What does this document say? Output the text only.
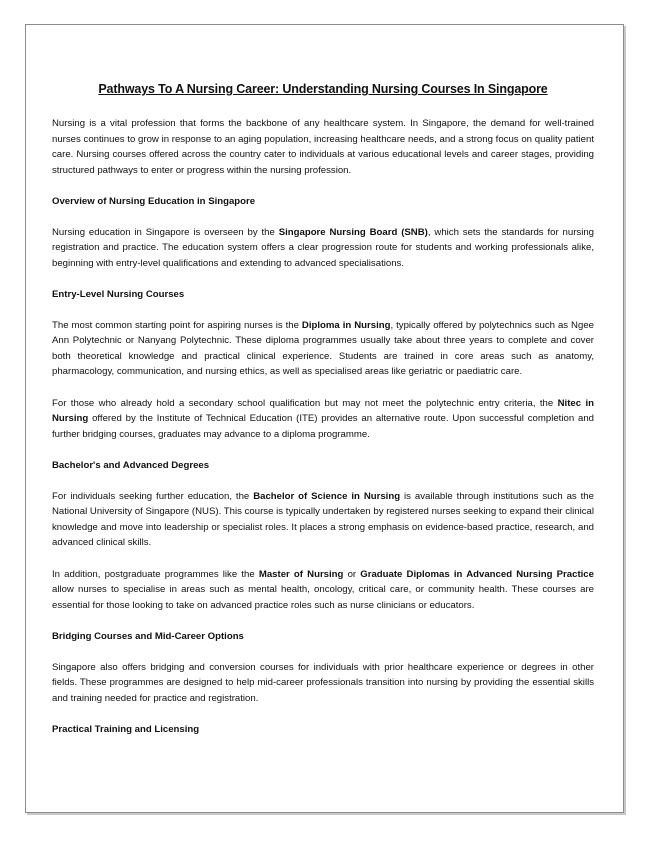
Pathways To A Nursing Career: Understanding Nursing Courses In Singapore

Nursing is a vital profession that forms the backbone of any healthcare system. In Singapore, the demand for well-trained nurses continues to grow in response to an aging population, increasing healthcare needs, and a strong focus on quality patient care. Nursing courses offered across the country cater to individuals at various educational levels and career stages, providing structured pathways to enter or progress within the nursing profession.

Overview of Nursing Education in Singapore

Nursing education in Singapore is overseen by the Singapore Nursing Board (SNB), which sets the standards for nursing registration and practice. The education system offers a clear progression route for students and working professionals alike, beginning with entry-level qualifications and extending to advanced specialisations.

Entry-Level Nursing Courses

The most common starting point for aspiring nurses is the Diploma in Nursing, typically offered by polytechnics such as Ngee Ann Polytechnic or Nanyang Polytechnic. These diploma programmes usually take about three years to complete and cover both theoretical knowledge and practical clinical experience. Students are trained in core areas such as anatomy, pharmacology, communication, and nursing ethics, as well as specialised areas like geriatric or paediatric care.

For those who already hold a secondary school qualification but may not meet the polytechnic entry criteria, the Nitec in Nursing offered by the Institute of Technical Education (ITE) provides an alternative route. Upon successful completion and further bridging courses, graduates may advance to a diploma programme.

Bachelor's and Advanced Degrees

For individuals seeking further education, the Bachelor of Science in Nursing is available through institutions such as the National University of Singapore (NUS). This course is typically undertaken by registered nurses seeking to expand their clinical knowledge and move into leadership or specialist roles. It places a strong emphasis on evidence-based practice, research, and advanced clinical skills.

In addition, postgraduate programmes like the Master of Nursing or Graduate Diplomas in Advanced Nursing Practice allow nurses to specialise in areas such as mental health, oncology, critical care, or community health. These courses are essential for those looking to take on advanced practice roles such as nurse clinicians or educators.

Bridging Courses and Mid-Career Options

Singapore also offers bridging and conversion courses for individuals with prior healthcare experience or degrees in other fields. These programmes are designed to help mid-career professionals transition into nursing by providing the essential skills and training needed for practice and registration.

Practical Training and Licensing
